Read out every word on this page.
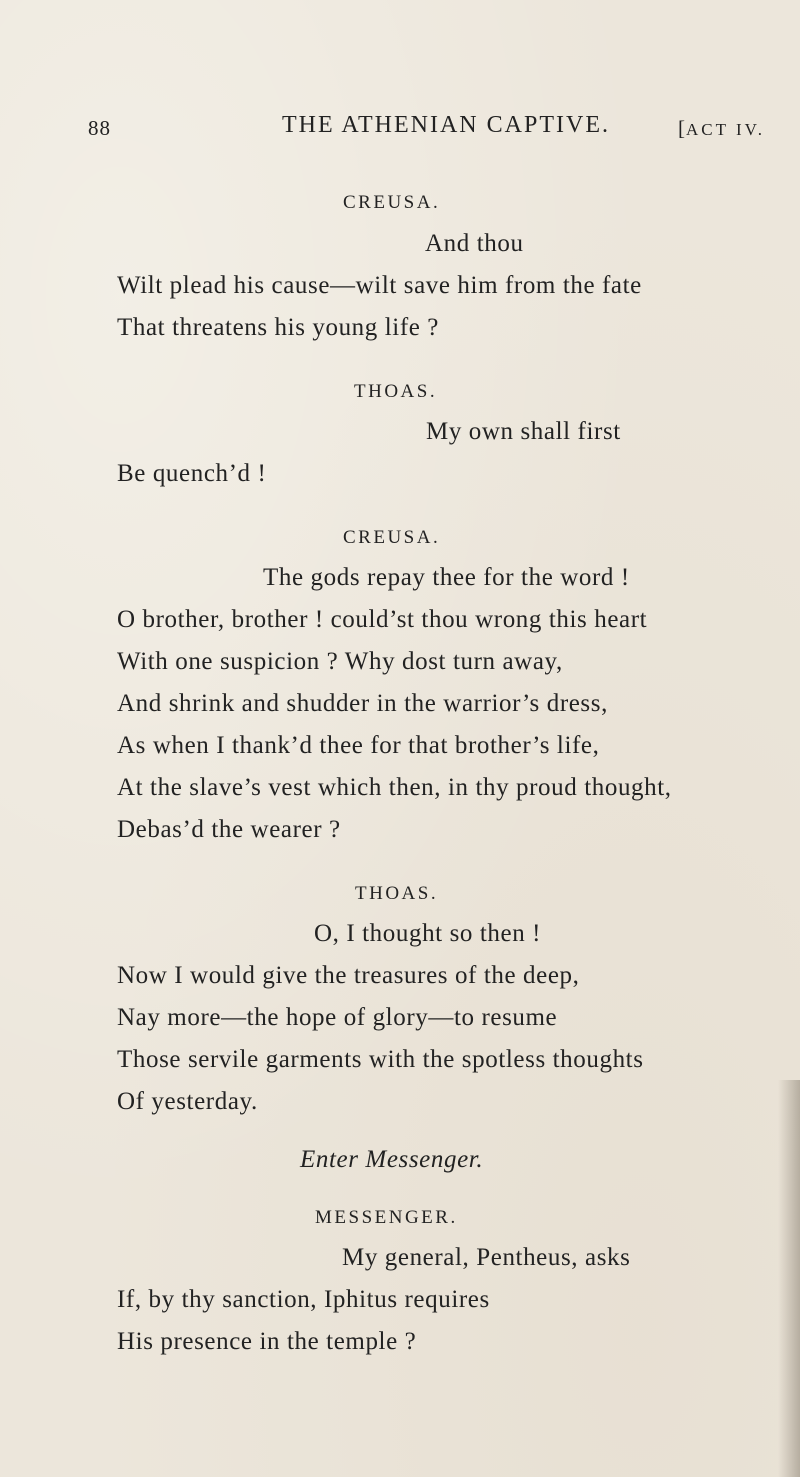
88	THE ATHENIAN CAPTIVE.	[ACT IV.
CREUSA.
And thou
Wilt plead his cause—wilt save him from the fate
That threatens his young life ?
THOAS.
My own shall first
Be quench’d !
CREUSA.
The gods repay thee for the word !
O brother, brother ! could’st thou wrong this heart
With one suspicion ? Why dost turn away,
And shrink and shudder in the warrior’s dress,
As when I thank’d thee for that brother’s life,
At the slave’s vest which then, in thy proud thought,
Debas’d the wearer ?
THOAS.
O, I thought so then !
Now I would give the treasures of the deep,
Nay more—the hope of glory—to resume
Those servile garments with the spotless thoughts
Of yesterday.
Enter Messenger.
MESSENGER.
My general, Pentheus, asks
If, by thy sanction, Iphitus requires
His presence in the temple ?
